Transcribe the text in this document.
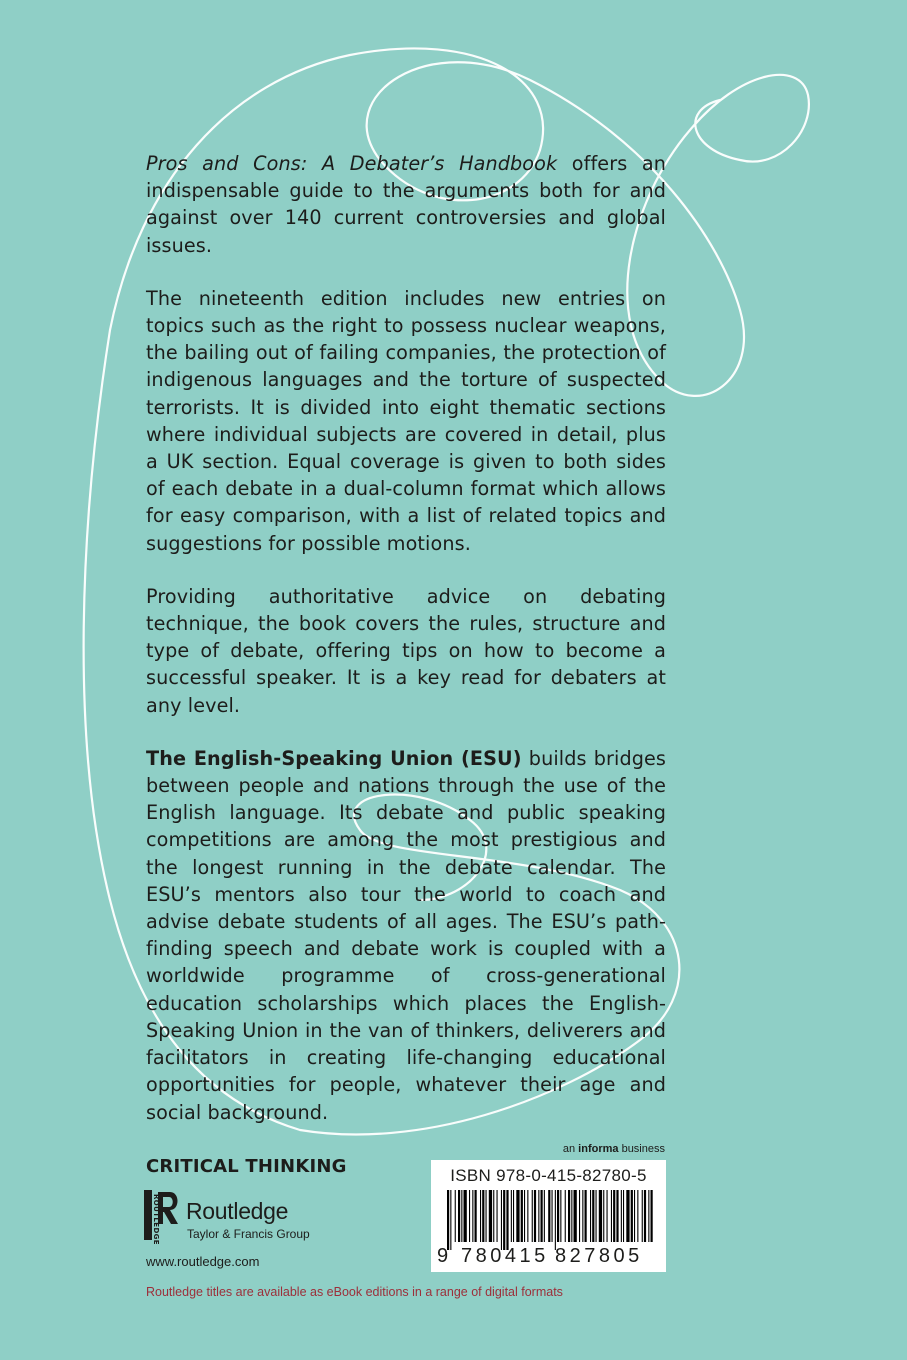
Pros and Cons: A Debater’s Handbook offers an indispensable guide to the arguments both for and against over 140 current controversies and global issues.

The nineteenth edition includes new entries on topics such as the right to possess nuclear weapons, the bailing out of failing companies, the protection of indigenous languages and the torture of suspected terrorists. It is divided into eight thematic sections where individual subjects are covered in detail, plus a UK section. Equal coverage is given to both sides of each debate in a dual-column format which allows for easy comparison, with a list of related topics and suggestions for possible motions.

Providing authoritative advice on debating technique, the book covers the rules, structure and type of debate, offering tips on how to become a successful speaker. It is a key read for debaters at any level.

The English-Speaking Union (ESU) builds bridges between people and nations through the use of the English language. Its debate and public speaking competitions are among the most prestigious and the longest running in the debate calendar. The ESU’s mentors also tour the world to coach and advise debate students of all ages. The ESU’s path-finding speech and debate work is coupled with a worldwide programme of cross-generational education scholarships which places the English-Speaking Union in the van of thinkers, deliverers and facilitators in creating life-changing educational opportunities for people, whatever their age and social background.

CRITICAL THINKING
ROUTLEDGE Routledge
Taylor & Francis Group
www.routledge.com
Routledge titles are available as eBook editions in a range of digital formats
an informa business
ISBN 978-0-415-82780-5
9 780415 827805
